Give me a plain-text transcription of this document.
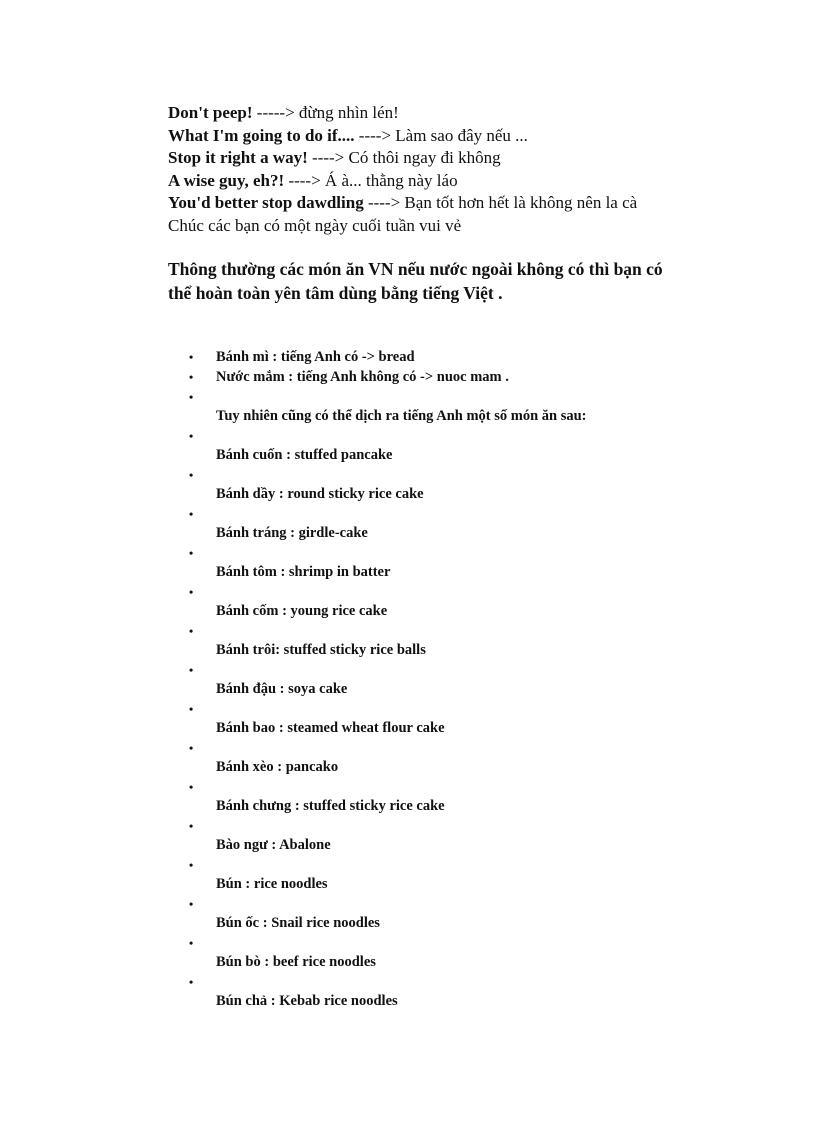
Don't peep! -----> đừng nhìn lén!
What I'm going to do if.... ----> Làm sao đây nếu ...
Stop it right a way! ----> Có thôi ngay đi không
A wise guy, eh?! ----> Á à... thằng này láo
You'd better stop dawdling ----> Bạn tốt hơn hết là không nên la cà
Chúc các bạn có một ngày cuối tuần vui vẻ
Thông thường các món ăn VN nếu nước ngoài không có thì bạn có thể hoàn toàn yên tâm dùng bằng tiếng Việt .
• Bánh mì : tiếng Anh có -> bread
• Nước mắm : tiếng Anh không có -> nuoc mam .
•
Tuy nhiên cũng có thể dịch ra tiếng Anh một số món ăn sau:
•
Bánh cuốn : stuffed pancake
•
Bánh dầy : round sticky rice cake
•
Bánh tráng : girdle-cake
•
Bánh tôm : shrimp in batter
•
Bánh cốm : young rice cake
•
Bánh trôi: stuffed sticky rice balls
•
Bánh đậu : soya cake
•
Bánh bao : steamed wheat flour cake
•
Bánh xèo : pancako
•
Bánh chưng : stuffed sticky rice cake
•
Bào ngư : Abalone
•
Bún : rice noodles
•
Bún ốc : Snail rice noodles
•
Bún bò : beef rice noodles
•
Bún chả : Kebab rice noodles
